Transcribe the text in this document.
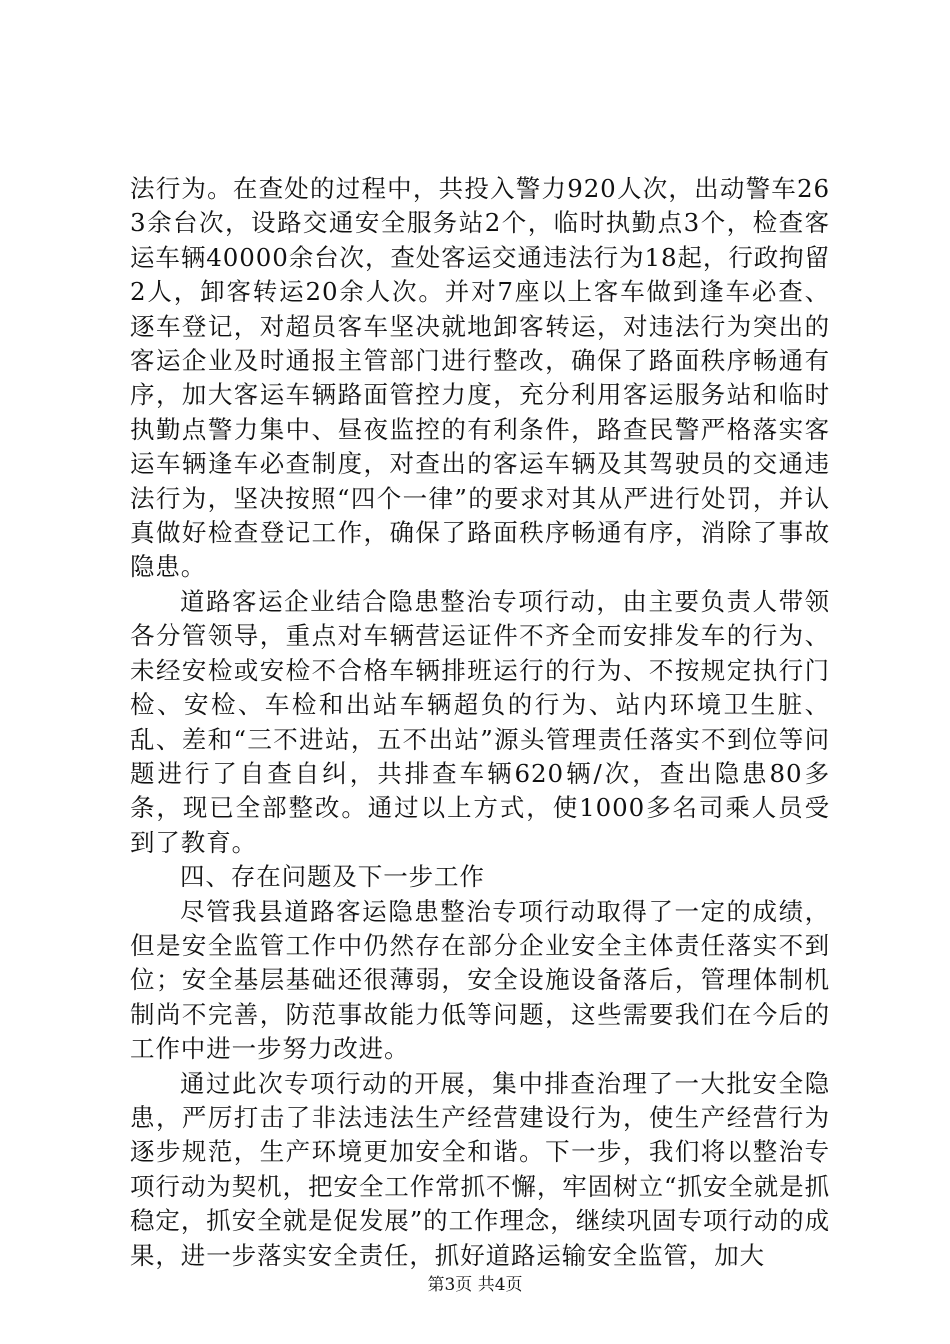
法行为。在查处的过程中，共投入警力920人次，出动警车263余台次，设路交通安全服务站2个，临时执勤点3个，检查客运车辆40000余台次，查处客运交通违法行为18起，行政拘留2人，卸客转运20余人次。并对7座以上客车做到逢车必查、逐车登记，对超员客车坚决就地卸客转运，对违法行为突出的客运企业及时通报主管部门进行整改，确保了路面秩序畅通有序，加大客运车辆路面管控力度，充分利用客运服务站和临时执勤点警力集中、昼夜监控的有利条件，路查民警严格落实客运车辆逢车必查制度，对查出的客运车辆及其驾驶员的交通违法行为，坚决按照“四个一律”的要求对其从严进行处罚，并认真做好检查登记工作，确保了路面秩序畅通有序，消除了事故隐患。

道路客运企业结合隐患整治专项行动，由主要负责人带领各分管领导，重点对车辆营运证件不齐全而安排发车的行为、未经安检或安检不合格车辆排班运行的行为、不按规定执行门检、安检、车检和出站车辆超负的行为、站内环境卫生脏、乱、差和“三不进站，五不出站”源头管理责任落实不到位等问题进行了自查自纠，共排查车辆620辆/次，查出隐患80多条，现已全部整改。通过以上方式，使1000多名司乘人员受到了教育。

四、存在问题及下一步工作

尽管我县道路客运隐患整治专项行动取得了一定的成绩，但是安全监管工作中仍然存在部分企业安全主体责任落实不到位；安全基层基础还很薄弱，安全设施设备落后，管理体制机制尚不完善，防范事故能力低等问题，这些需要我们在今后的工作中进一步努力改进。

通过此次专项行动的开展，集中排查治理了一大批安全隐患，严厉打击了非法违法生产经营建设行为，使生产经营行为逐步规范，生产环境更加安全和谐。下一步，我们将以整治专项行动为契机，把安全工作常抓不懈，牢固树立“抓安全就是抓稳定，抓安全就是促发展”的工作理念，继续巩固专项行动的成果，进一步落实安全责任，抓好道路运输安全监管，加大

第3页 共4页
